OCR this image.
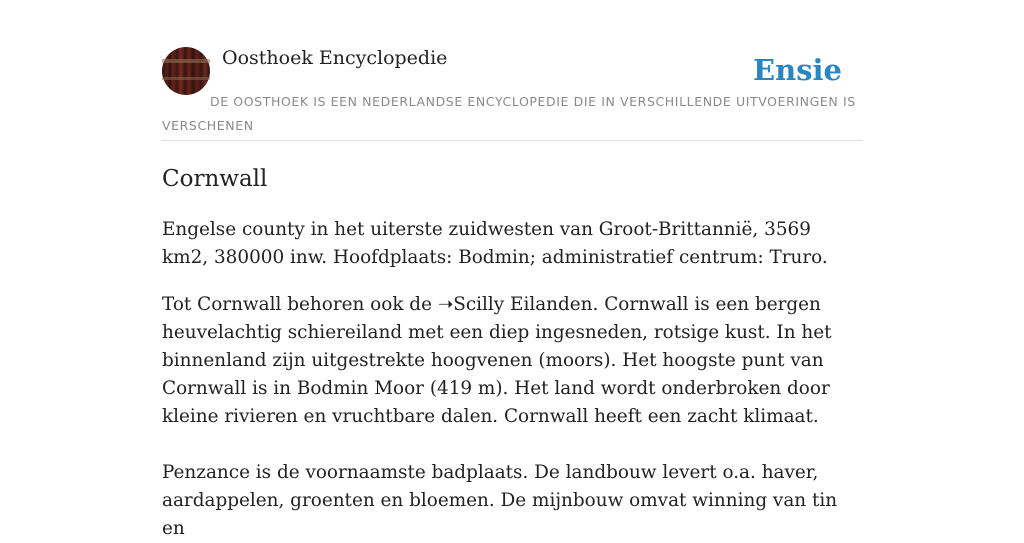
Oosthoek Encyclopedie	Ensie
DE OOSTHOEK IS EEN NEDERLANDSE ENCYCLOPEDIE DIE IN VERSCHILLENDE UITVOERINGEN IS VERSCHENEN
Cornwall

Engelse county in het uiterste zuidwesten van Groot-Brittannië, 3569 km2, 380000 inw. Hoofdplaats: Bodmin; administratief centrum: Truro.

Tot Cornwall behoren ook de ➝Scilly Eilanden. Cornwall is een bergen heuvelachtig schiereiland met een diep ingesneden, rotsige kust. In het binnenland zijn uitgestrekte hoogvenen (moors). Het hoogste punt van Cornwall is in Bodmin Moor (419 m). Het land wordt onderbroken door kleine rivieren en vruchtbare dalen. Cornwall heeft een zacht klimaat.

Penzance is de voornaamste badplaats. De landbouw levert o.a. haver, aardappelen, groenten en bloemen. De mijnbouw omvat winning van tin en
